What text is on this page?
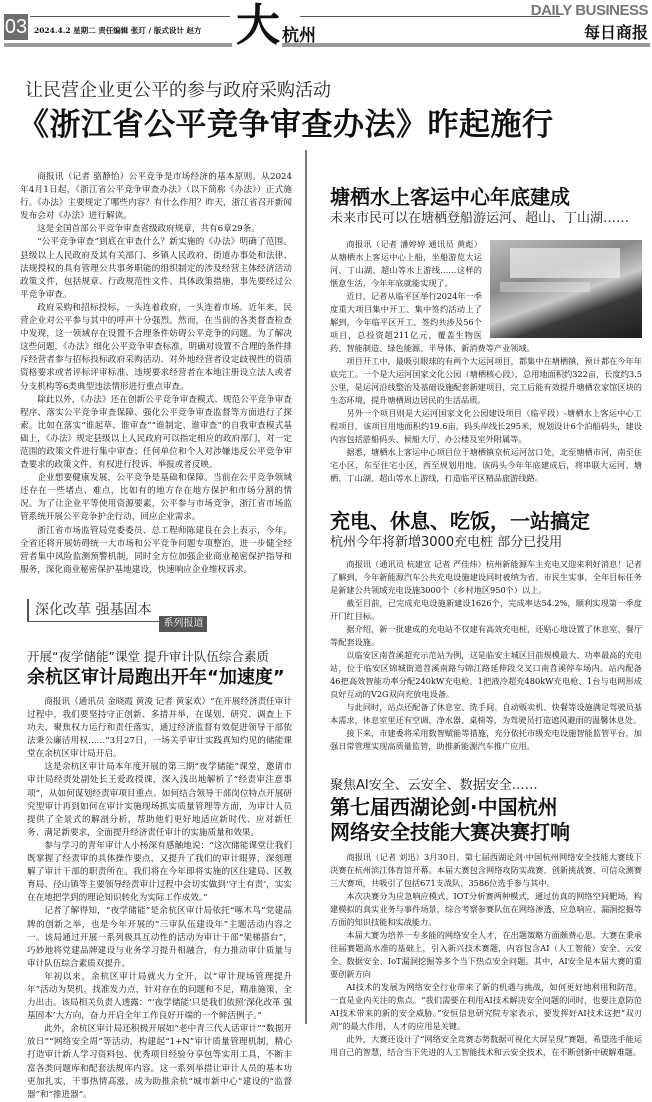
03 2024.4.2 星期二 责任编辑 张玎 / 版式设计 赵方 大 杭州
DAILY BUSINESS
每日商报
让民营企业更公平的参与政府采购活动
《浙江省公平竞争审查办法》昨起施行

商报讯（记者 骆静怡）公平竞争是市场经济的基本原则。从2024年4月1日起，《浙江省公平竞争审查办法》（以下简称《办法》）正式施行。《办法》主要规定了哪些内容？有什么作用？昨天，浙江省召开新闻发布会对《办法》进行解读。

这是全国首部公平竞争审查省级政府规章，共有6章29条。

“公平竞争审查”到底在审查什么？新实施的《办法》明确了范围。县级以上人民政府及其有关部门、乡镇人民政府、街道办事处和法律、法规授权的具有管理公共事务职能的组织制定的涉及经营主体经济活动政策文件，包括规章、行政规范性文件、具体政策措施，事先要经过公平竞争审查。

政府采购和招标投标，一头连着政府，一头连着市场。近年来，民营企业对公平参与其中的呼声十分强烈。然而，在当前的各类督查检查中发现，这一领域存在设置不合理条件妨碍公平竞争的问题。为了解决这些问题，《办法》细化公平竞争审查标准，明确对设置不合理的条件排斥经营者参与招标投标政府采购活动、对外地经营者设定歧视性的资质资格要求或者评标评审标准、违规要求经营者在本地注册设立法人或者分支机构等6类典型违法情形进行重点审查。

除此以外，《办法》还在创新公平竞争审查模式、规范公平竞争审查程序、落实公平竞争审查保障、强化公平竞争审查监督等方面进行了探索。比如在落实“谁起草、谁审查”“谁制定、谁审查”的自我审查模式基础上，《办法》规定县级以上人民政府可以指定相应的政府部门，对一定范围的政策文件进行集中审查；任何单位和个人对涉嫌违反公平竞争审查要求的政策文件，有权进行投诉、举报或者反映。

企业想要健康发展，公平竞争是基础和保障。当前在公平竞争领域还存在一些堵点、难点，比如有的地方存在地方保护和市场分割的情况。为了让企业平等使用资源要素，公平参与市场竞争，浙江省市场监管系统开展公平竞争护企行动，回应企业需求。

浙江省市场监管局党委委员、总工程师陈建良在会上表示，今年，全省还将开展妨碍统一大市场和公平竞争问题专项整治，进一步健全经营者集中风险监测预警机制，同时全方位加强企业商业秘密保护指导和服务，深化商业秘密保护基地建设，快速响应企业维权诉求。

深化改革 强基固本
系列报道
开展“夜学储能”课堂 提升审计队伍综合素质
余杭区审计局跑出开年“加速度”

商报讯（通讯员 金晓霞 黄浚 记者 黄家欢）“在开展经济责任审计过程中，我们要坚持守正创新、多措并举，在谋划、研究、调查上下功夫，聚焦权力运行和责任落实，通过经济监督有效促进领导干部依法秉公廉洁用权……”3月27日，一场关乎审计实践真知灼见的储能课堂在余杭区审计局开启。

这是余杭区审计局本年度开展的第三期“夜学储能”课堂，邀请市审计局经责处副处长王爱政授课，深入浅出地解析了“经责审注意事项”，从如何谋划经责审项目重点、如何结合领导干部岗位特点开展研究型审计再到如何在审计实施现场抓实质量管理等方面，为审计人员提供了全景式的解剖分析，帮助他们更好地适应新时代、应对新任务、满足新要求，全面提升经济责任审计的实施质量和效果。

参与学习的青年审计人小杨深有感触地说：“这次储能课堂让我们既掌握了经责审的具体操作要点，又提升了我们的审计眼界，深刻理解了审计干部的职责所在。我们将在今年即将实施的区住建局、区教育局、径山镇等主要领导经责审计过程中会切实做到‘守土有责’，实实在在地把学到的理论知识转化为实际工作成效。”

记者了解得知，“夜学储能”是余杭区审计局依托“啄木鸟”党建品牌的创新之举，也是今年开展的“三审队伍建设年”主题活动内容之一。该局通过开展一系列极具互动性的活动为审计干部“架梯搭台”，巧妙地将党建品牌建设与业务学习提升相融合，有力推动审计质量与审计队伍综合素质双提升。

年初以来，余杭区审计局就火力全开，以“审计现场管理提升年”活动为契机，找准发力点，针对存在的问题和不足，精准施策，全力出击。该局相关负责人透露：“‘夜学储能’只是我们依照‘深化改革 强基固本’大方向，奋力开启全年工作良好开端的一个鲜活例子。”

此外，余杭区审计局还积极开展如“老中青三代人话审计”“数据开放日”“网络安全周”等活动，构建起“1+N”审计质量管理机制，精心打造审计新人学习资料包、优秀项目经验分享包等实用工具，不断丰富各类问题库和配套法规库内容。这一系列举措让审计人员的基本功更加扎实，干事热情高涨，成为助推余杭“城市新中心”建设的“监督器”和“推进器”。

塘栖水上客运中心年底建成
未来市民可以在塘栖登船游运河、超山、丁山湖……

商报讯（记者 潘婷婷 通讯员 黄彪）从塘栖水上客运中心上船，坐船游览大运河、丁山湖、超山等水上游线……这样的惬意生活，今年年底就能实现了。

近日，记者从临平区举行2024年一季度重大项目集中开工、集中签约活动上了解到，今年临平区开工、签约共涉及56个项目，总投资超211亿元，覆盖生物医药、智能制造、绿色能源、半导体、新消费等产业领域。

项目开工中，最吸引眼球的有两个大运河项目，都集中在塘栖镇，预计都在今年年底完工。一个是大运河国家文化公园（塘栖核心段），总用地面积约322亩，长度约3.5公里，是运河沿线整治及基础设施配套新建项目，完工后能有效提升塘栖农家馆区块的生态环境，提升塘栖周边居民的生活品质。

另外一个项目则是大运河国家文化公园建设项目（临平段）-塘栖水上客运中心工程项目，该项目用地面积约19.6亩，码头岸线长295米，规划设计6个泊船码头，建设内容包括游船码头、候船大厅、办公楼及室外附属等。

据悉，塘栖水上客运中心项目位于塘栖镇京杭运河岔口处，北至塘栖市河，南至住宅小区，东至住宅小区，西至规划用地。该码头今年年底建成后，将串联大运河、塘栖、丁山湖、超山等水上游线，打造临平区精品旅游线路。

充电、休息、吃饭，一站搞定
杭州今年将新增3000充电桩 部分已投用

商报讯（通讯员 杭建宣 记者 严佳炜）杭州新能源车主充电又迎来利好消息！记者了解到，今年新能源汽车公共充电设施建设同时被纳为省、市民生实事，全年目标任务是新建公共领域充电设施3000个（乡村地区950个）以上。

截至目前，已完成充电设施新建设1626个，完成率达54.2%，顺利实现第一季度开门红目标。

据介绍，新一批建成的充电站不仅建有高效充电桩，还贴心地设置了休息室、餐厅等配套设施。

以临安区南苕溪超充示范站为例，这是临安主城区目前规模最大、功率最高的充电站，位于临安区锦城街道苕溪南路与锦江路延伸段交叉口南苕溪停车场内。站内配备46把高效智能功率分配240kW充电枪、1把液冷超充480kW充电枪、1台与电网形成良好互动的V2G双向充放电设备。

与此同时，站点还配备了休息室、洗手间、自动贩卖机、快餐等设施满足驾驶员基本需求，休息室里还有空调、净水器、桌椅等，为驾驶员打造遮风避雨的温馨休息处。

接下来，市建委将采用数智赋能等措施，充分依托市级充电设施智能监管平台，加强日常管理实现高质量监管，助推新能源汽车推广应用。

聚焦AI安全、云安全、数据安全……
第七届西湖论剑·中国杭州
网络安全技能大赛决赛打响

商报讯（记者 刘迅）3月30日，第七届西湖论剑·中国杭州网络安全技能大赛线下决赛在杭州滨江体育馆开幕。本届大赛包含网络攻防实战赛、创新挑战赛、可信众测赛三大赛项，共吸引了包括671支战队、3586位选手参与其中。

本次决赛分为应急响应模式、IOT分析赛两种模式，通过仿真的网络空间靶场，构建模拟的真实业务与事件场景，综合考察参赛队伍在网络渗透、应急响应、漏洞挖掘等方面的知识技能和实战能力。

本届大赛为培养一专多能的网络安全人才，在出题策略方面颇费心思。大赛在秉承往届赛题高水准的基础上，引入新兴技术赛题，内容包含AI（人工智能）安全、云安全、数据安全、IoT漏洞挖掘等多个当下热点安全问题。其中，AI安全是本届大赛的重要创新方向

AI技术的发展为网络安全行业带来了新的机遇与挑战，如何更好地利用和防范，一直是业内关注的焦点。“我们需要在利用AI技术解决安全问题的同时，也要注意防范AI技术带来的新的安全威胁。”安恒信息研究院专家表示，要发挥好AI技术这把“双刃剑”的最大作用，人才的应用是关键。

此外，大赛还设计了“网络安全竞赛态势数据可视化大屏呈现”赛题，希望选手能运用自己的智慧，结合当下先进的人工智能技术和云安全技术，在不断创新中破解难题。
